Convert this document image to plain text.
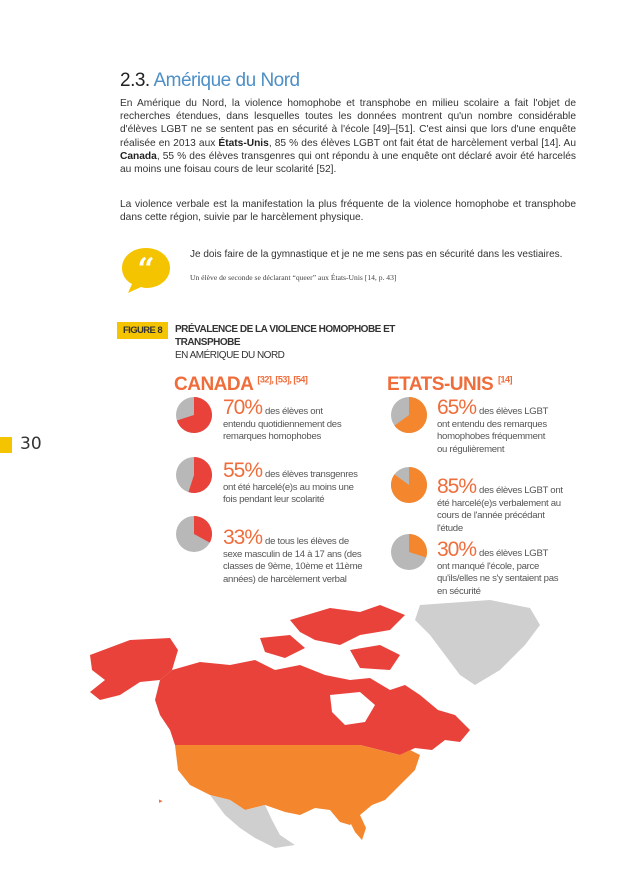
30
2.3. Amérique du Nord

En Amérique du Nord, la violence homophobe et transphobe en milieu scolaire a fait l'objet de recherches étendues, dans lesquelles toutes les données montrent qu'un nombre considérable d'élèves LGBT ne se sentent pas en sécurité à l'école [49]–[51]. C'est ainsi que lors d'une enquête réalisée en 2013 aux États-Unis, 85 % des élèves LGBT ont fait état de harcèlement verbal [14]. Au Canada, 55 % des élèves transgenres qui ont répondu à une enquête ont déclaré avoir été harcelés au moins une foisau cours de leur scolarité [52].

La violence verbale est la manifestation la plus fréquente de la violence homophobe et transphobe dans cette région, suivie par le harcèlement physique.

“	Je dois faire de la gymnastique et je ne me sens pas en sécurité dans les vestiaires.
Un élève de seconde se déclarant “queer” aux États-Unis [14, p. 43]
FIGURE 8	PRÉVALENCE DE LA VIOLENCE HOMOPHOBE ET TRANSPHOBE
EN AMÉRIQUE DU NORD
CANADA [32], [53], [54]	ETATS-UNIS [14]
70% des élèves ont entendu quotidiennement des remarques homophobes
55% des élèves transgenres ont été harcelé(e)s au moins une fois pendant leur scolarité
33% de tous les élèves de sexe masculin de 14 à 17 ans (des classes de 9ème, 10ème et 11ème années) de harcèlement verbal
65% des élèves LGBT ont entendu des remarques homophobes fréquemment ou régulièrement
85% des élèves LGBT ont été harcelé(e)s verbalement au cours de l'année précédant l'étude
30% des élèves LGBT ont manqué l'école, parce qu'ils/elles ne s'y sentaient pas en sécurité
▸
